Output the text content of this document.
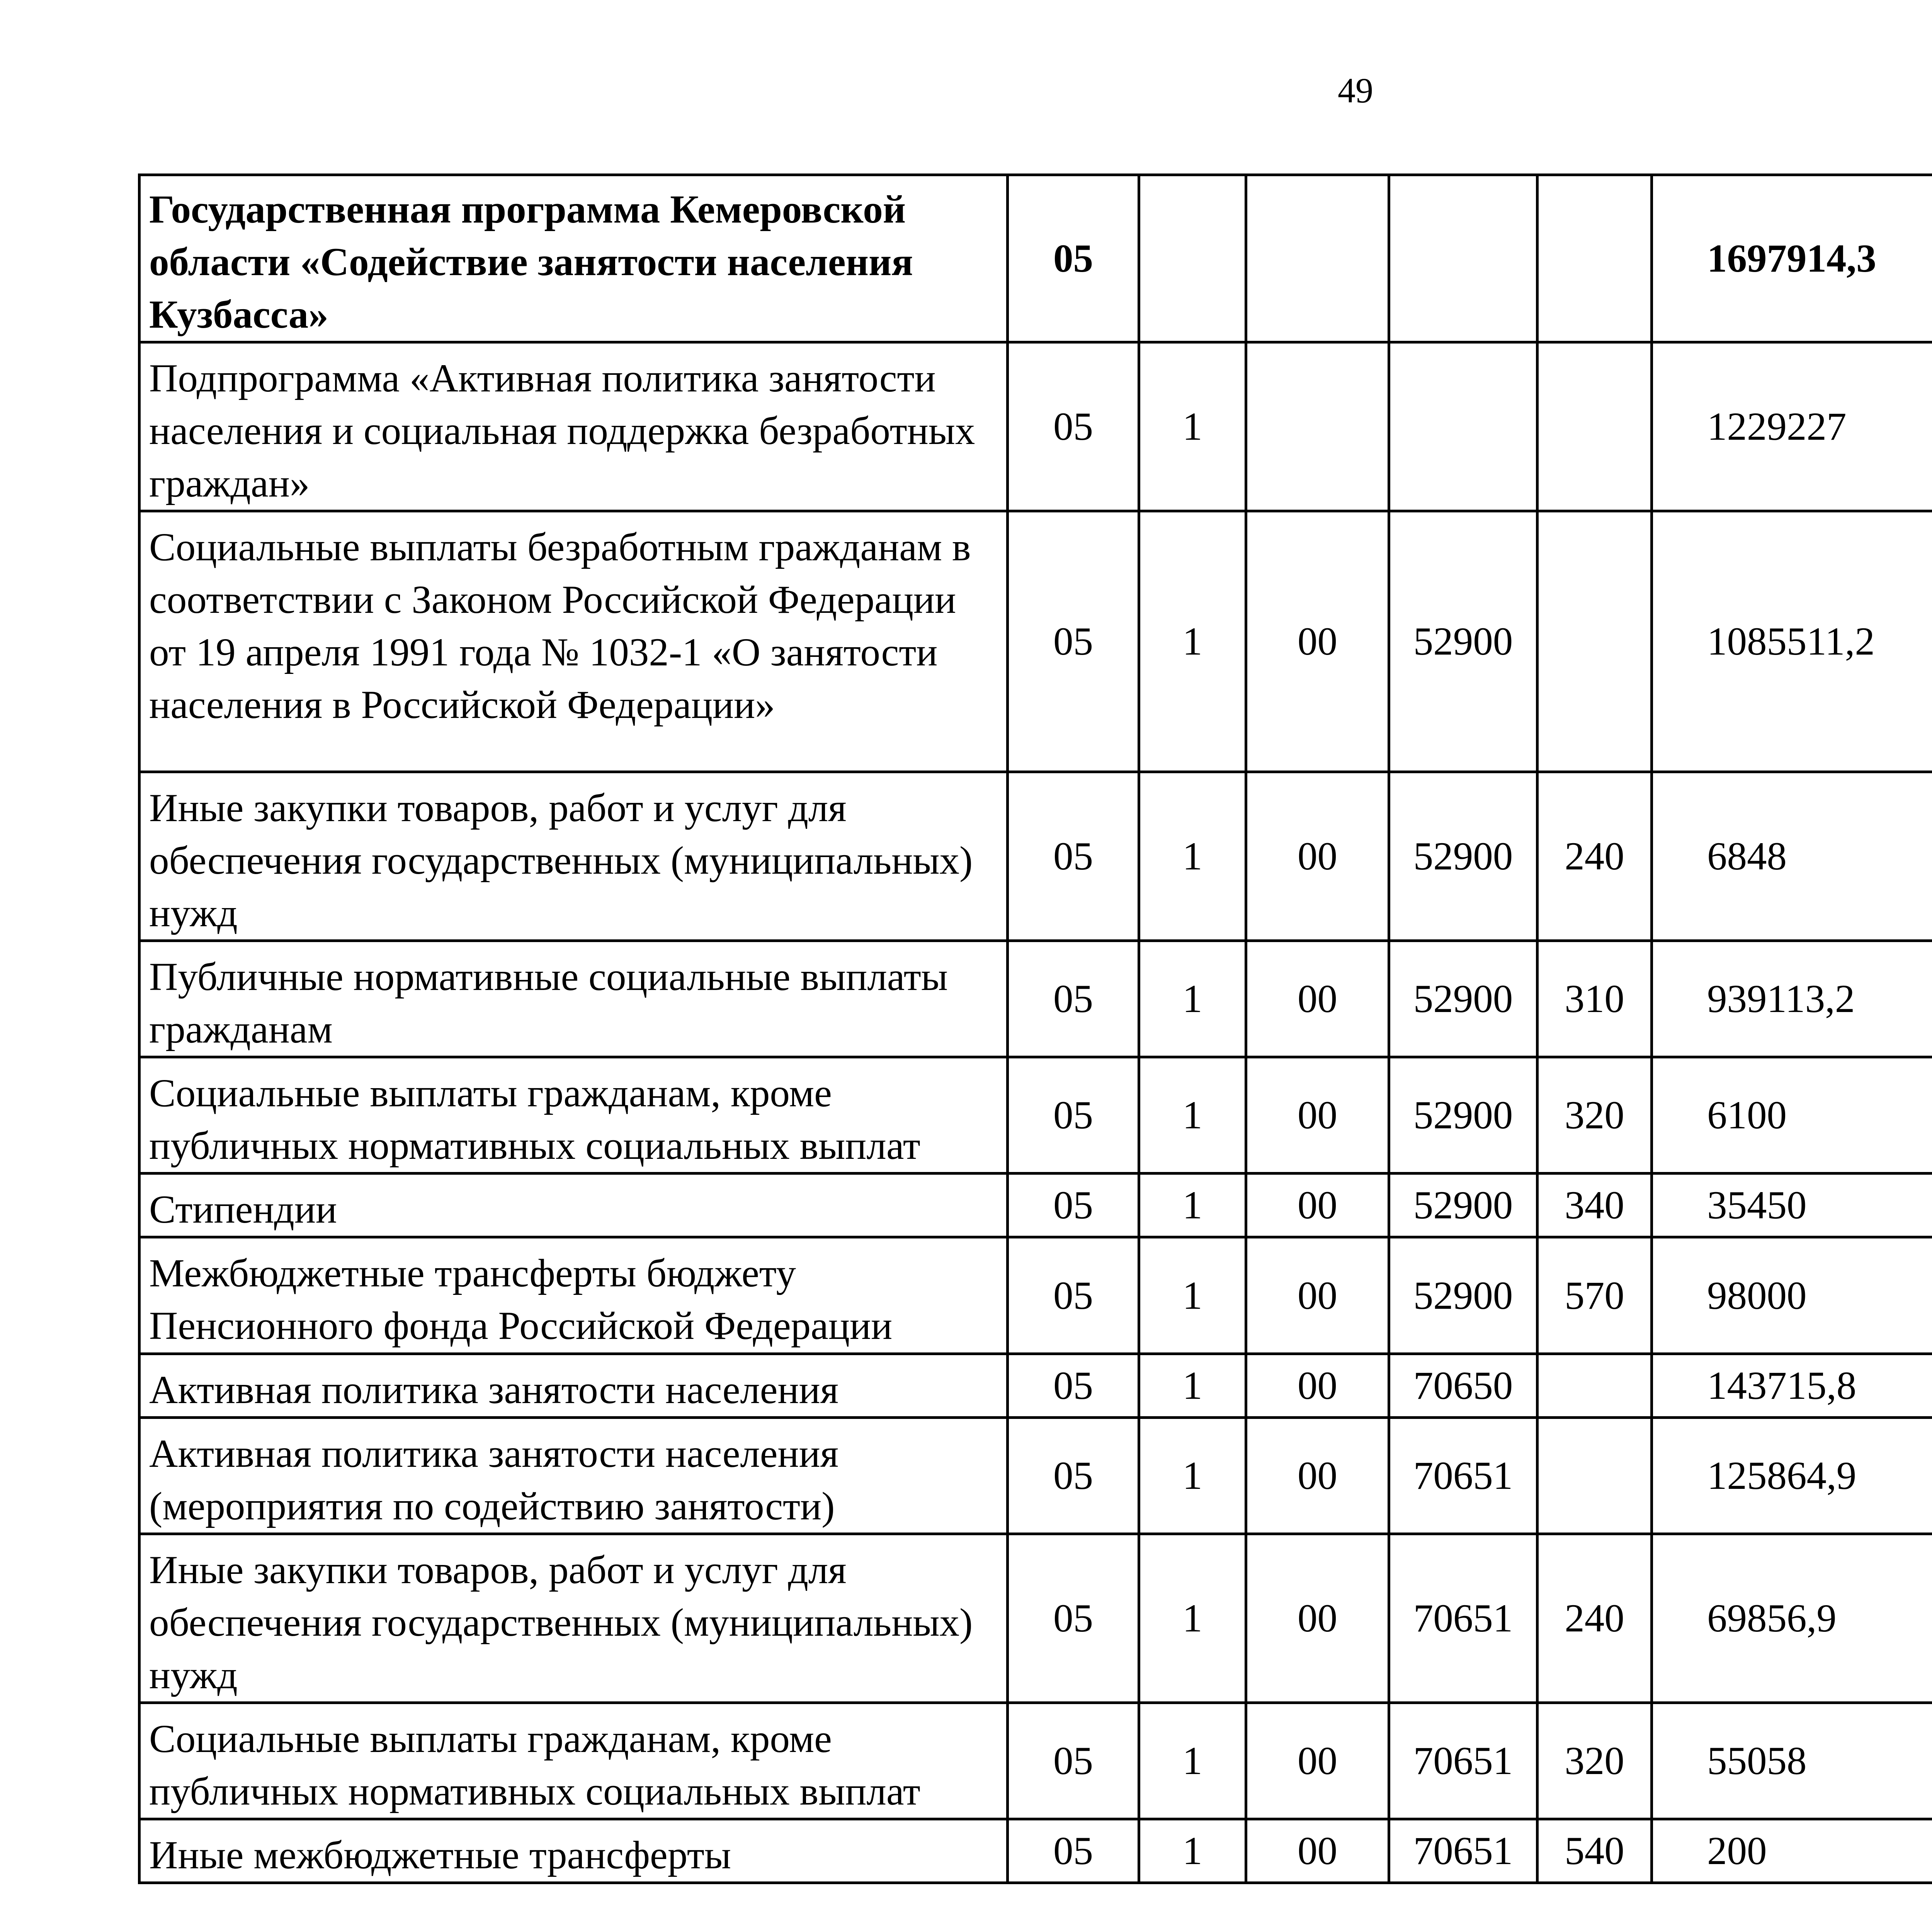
49
Государственная программа Кемеровской области «Содействие занятости населения Кузбасса»	05					1697914,3		
Подпрограмма «Активная политика занятости населения и социальная поддержка безработных граждан»	05	1				1229227		
Социальные выплаты безработным гражданам в соответствии с Законом Российской Федерации от 19 апреля 1991 года № 1032-1 «О занятости населения в Российской Федерации»	05	1	00	52900		1085511,2		
Иные закупки товаров, работ и услуг для обеспечения государственных (муниципальных) нужд	05	1	00	52900	240	6848		
Публичные нормативные социальные выплаты гражданам	05	1	00	52900	310	939113,2		
Социальные выплаты гражданам, кроме публичных нормативных социальных выплат	05	1	00	52900	320	6100		
Стипендии	05	1	00	52900	340	35450		
Межбюджетные трансферты бюджету Пенсионного фонда Российской Федерации	05	1	00	52900	570	98000		
Активная политика занятости населения	05	1	00	70650		143715,8		
Активная политика занятости населения (мероприятия по содействию занятости)	05	1	00	70651		125864,9		
Иные закупки товаров, работ и услуг для обеспечения государственных (муниципальных) нужд	05	1	00	70651	240	69856,9		
Социальные выплаты гражданам, кроме публичных нормативных социальных выплат	05	1	00	70651	320	55058		
Иные межбюджетные трансферты	05	1	00	70651	540	200		
